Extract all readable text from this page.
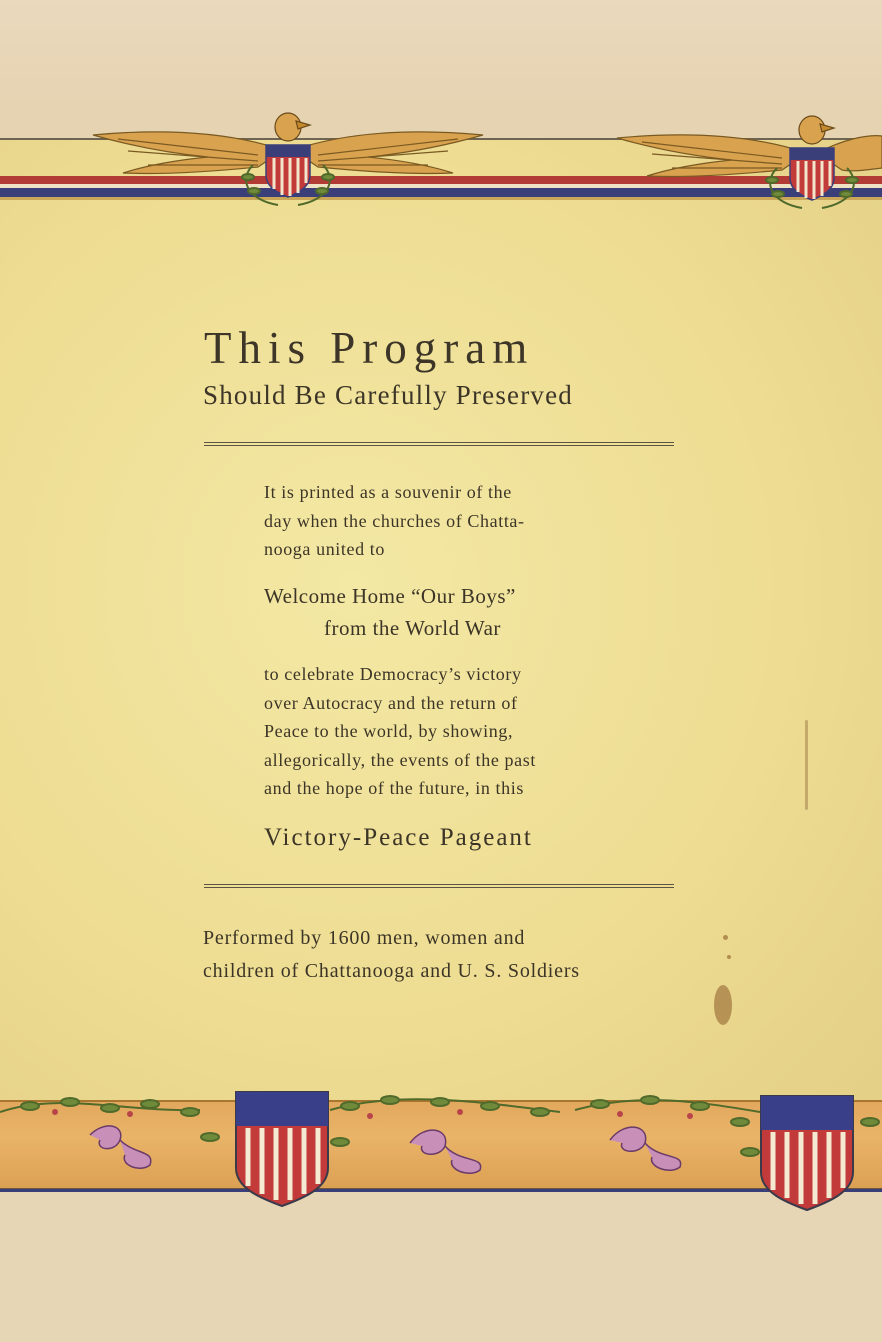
This Program
Should Be Carefully Preserved
It is printed as a souvenir of the
day when the churches of Chatta-
nooga united to
Welcome Home “Our Boys”
from the World War
to celebrate Democracy’s victory
over Autocracy and the return of
Peace to the world, by showing,
allegorically, the events of the past
and the hope of the future, in this
Victory-Peace Pageant
Performed by 1600 men, women and
children of Chattanooga and U. S. Soldiers
